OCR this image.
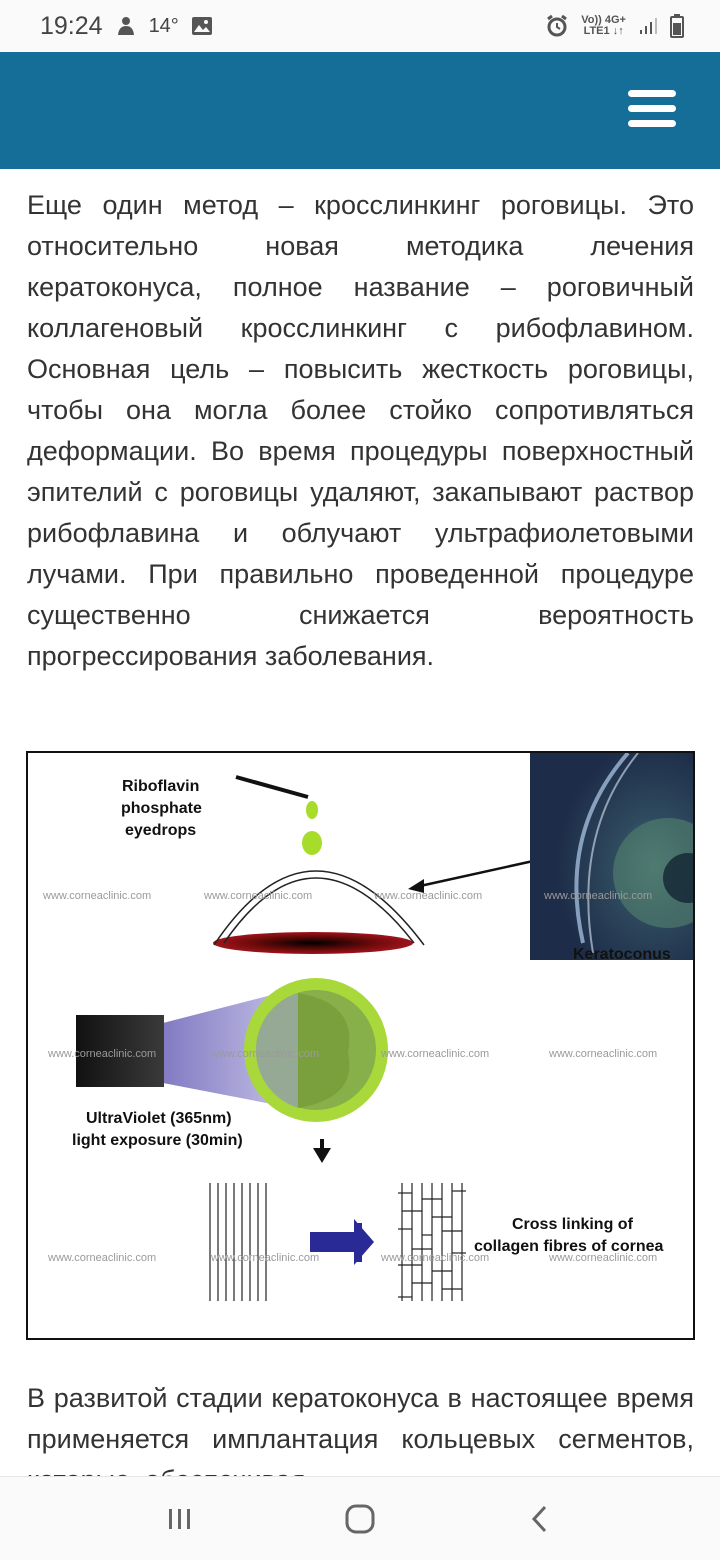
19:24 14°	Vo)) 4G+
LTE1 ↓↑

Еще один метод – кросслинкинг роговицы. Это относительно новая методика лечения кератоконуса, полное название – роговичный коллагеновый кросслинкинг с рибофлавином. Основная цель – повысить жесткость роговицы, чтобы она могла более стойко сопротивляться деформации. Во время процедуры поверхностный эпителий с роговицы удаляют, закапывают раствор рибофлавина и облучают ультрафиолетовыми лучами. При правильно проведенной процедуре существенно снижается вероятность прогрессирования заболевания.

Riboflavin
phosphate
eyedrops
Keratoconus
www.corneaclinic.com	www.corneaclinic.com	www.corneaclinic.com	www.corneaclinic.com
www.corneaclinic.com	www.corneaclinic.com	www.corneaclinic.com	www.corneaclinic.com
UltraViolet (365nm)
light exposure (30min)
Cross linking of
collagen fibres of cornea
www.corneaclinic.com	www.corneaclinic.com	www.corneaclinic.com	www.corneaclinic.com

В развитой стадии кератоконуса в настоящее время применяется имплантация кольцевых сегментов,
